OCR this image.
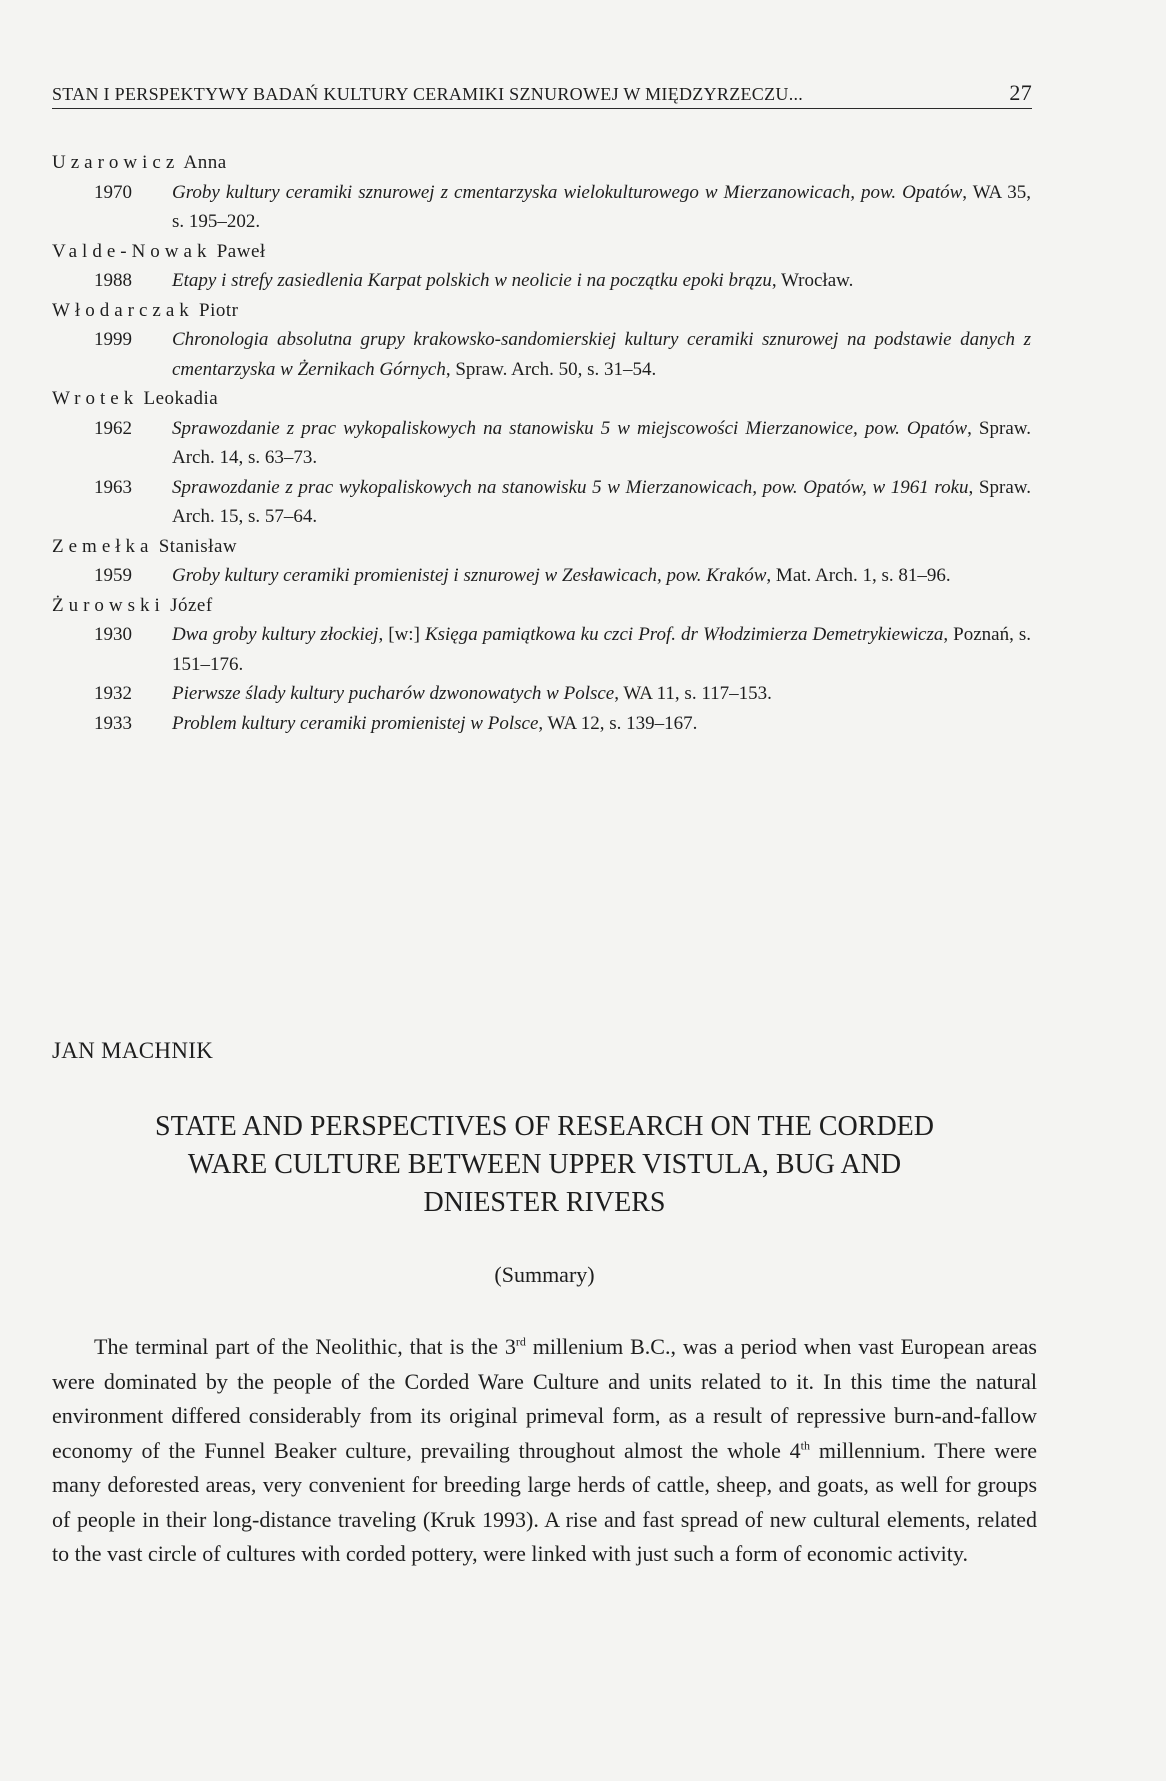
STAN I PERSPEKTYWY BADAŃ KULTURY CERAMIKI SZNUROWEJ W MIĘDZYRZECZU...	27
Uzarowicz Anna
1970	Groby kultury ceramiki sznurowej z cmentarzyska wielokulturowego w Mierzanowicach, pow. Opatów, WA 35, s. 195–202.
Valde-Nowak Paweł
1988	Etapy i strefy zasiedlenia Karpat polskich w neolicie i na początku epoki brązu, Wrocław.
Włodarczak Piotr
1999	Chronologia absolutna grupy krakowsko-sandomierskiej kultury ceramiki sznurowej na podstawie danych z cmentarzyska w Żernikach Górnych, Spraw. Arch. 50, s. 31–54.
Wrotek Leokadia
1962	Sprawozdanie z prac wykopaliskowych na stanowisku 5 w miejscowości Mierzanowice, pow. Opatów, Spraw. Arch. 14, s. 63–73.
1963	Sprawozdanie z prac wykopaliskowych na stanowisku 5 w Mierzanowicach, pow. Opatów, w 1961 roku, Spraw. Arch. 15, s. 57–64.
Zemełka Stanisław
1959	Groby kultury ceramiki promienistej i sznurowej w Zesławicach, pow. Kraków, Mat. Arch. 1, s. 81–96.
Żurowski Józef
1930	Dwa groby kultury złockiej, [w:] Księga pamiątkowa ku czci Prof. dr Włodzimierza Demetrykiewicza, Poznań, s. 151–176.
1932	Pierwsze ślady kultury pucharów dzwonowatych w Polsce, WA 11, s. 117–153.
1933	Problem kultury ceramiki promienistej w Polsce, WA 12, s. 139–167.
JAN MACHNIK
STATE AND PERSPECTIVES OF RESEARCH ON THE CORDED
WARE CULTURE BETWEEN UPPER VISTULA, BUG AND
DNIESTER RIVERS
(Summary)

The terminal part of the Neolithic, that is the 3rd millenium B.C., was a period when vast European areas were dominated by the people of the Corded Ware Culture and units related to it. In this time the natural environment differed considerably from its original primeval form, as a result of repressive burn-and-fallow economy of the Funnel Beaker culture, prevailing throughout almost the whole 4th millennium. There were many deforested areas, very convenient for breeding large herds of cattle, sheep, and goats, as well for groups of people in their long-distance traveling (Kruk 1993). A rise and fast spread of new cultural elements, related to the vast circle of cultures with corded pottery, were linked with just such a form of economic activity.
